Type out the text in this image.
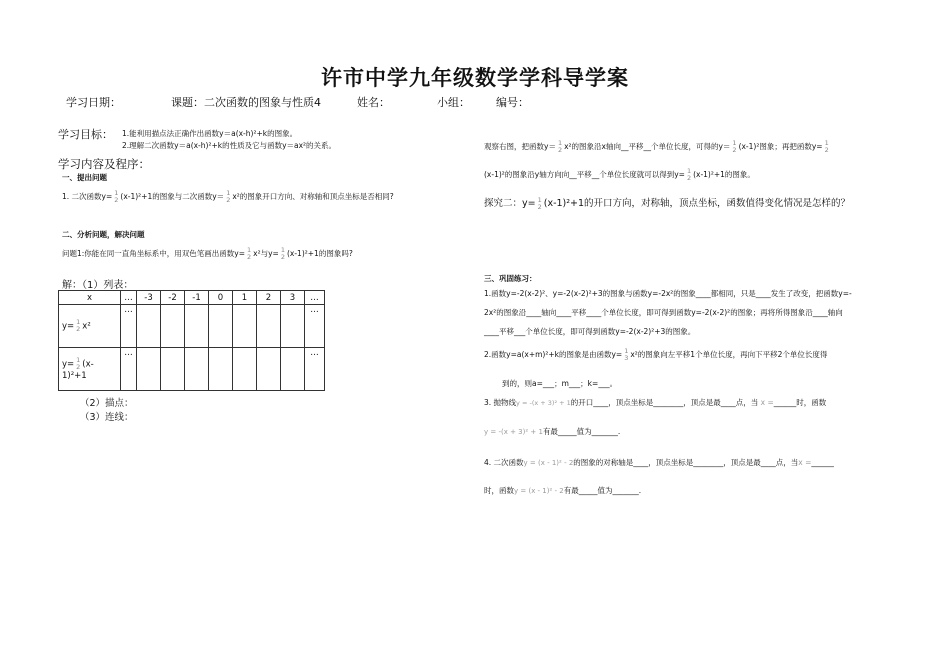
许市中学九年级数学学科导学案
学习日期：	课题：二次函数的图象与性质4	姓名：	小组： 编号：
学习目标： 1.能利用描点法正确作出函数y＝a(x-h)²+k的图象。
2.理解二次函数y＝a(x-h)²+k的性质及它与函数y＝ax²的关系。
学习内容及程序：
一、提出问题
1. 二次函数y= 1
2 (x-1)²+1的图象与二次函数y＝ 1
2 x²的图象开口方向、对称轴和顶点坐标是否相同?
二、分析问题，解决问题
问题1:你能在同一直角坐标系中，用双色笔画出函数y= 1
2 x²与y= 1
2 (x-1)²+1的图象吗?
解：（1）列表：
x	…	-3	-2	-1	0	1	2	3	…
y= 1
2 x²	…								…
y= 1
2 (x-1)²+1	…								…
（2）描点：
（3）连线：
观察右图，把函数y＝ 1
2 x²的图象沿x轴向__平移__个单位长度，可得的y＝ 1
2 (x-1)²图象；再把函数y= 1
2
(x-1)²的图象沿y轴方向向__平移__个单位长度就可以得到y= 1
2 (x-1)²+1的图象。
探究二：y= 1
2 (x-1)²+1的开口方向，对称轴，顶点坐标，函数值得变化情况是怎样的？
三、巩固练习：
1.函数y=-2(x-2)²、y=-2(x-2)²+3的图象与函数y=-2x²的图象____都相同，只是____发生了改变，把函数y=-
2x²的图象沿____轴向____平移____个单位长度，即可得到函数y=-2(x-2)²的图象；再将所得图象沿____轴向
____平移___个单位长度，即可得到函数y=-2(x-2)²+3的图象。
2.函数y=a(x+m)²+k的图象是由函数y= 1
3 x²的图象向左平移1个单位长度，再向下平移2个单位长度得
到的，则a=___；m___；k=___。
3. 抛物线y = -(x + 3)² + 1的开口____，顶点坐标是________，顶点是最____点，当 x =______时，函数
y = -(x + 3)² + 1有最_____值为_______.
4. 二次函数y = (x - 1)² - 2的图象的对称轴是____，顶点坐标是________，顶点是最____点，当x =______
时，函数y = (x - 1)² - 2有最_____值为_______.
